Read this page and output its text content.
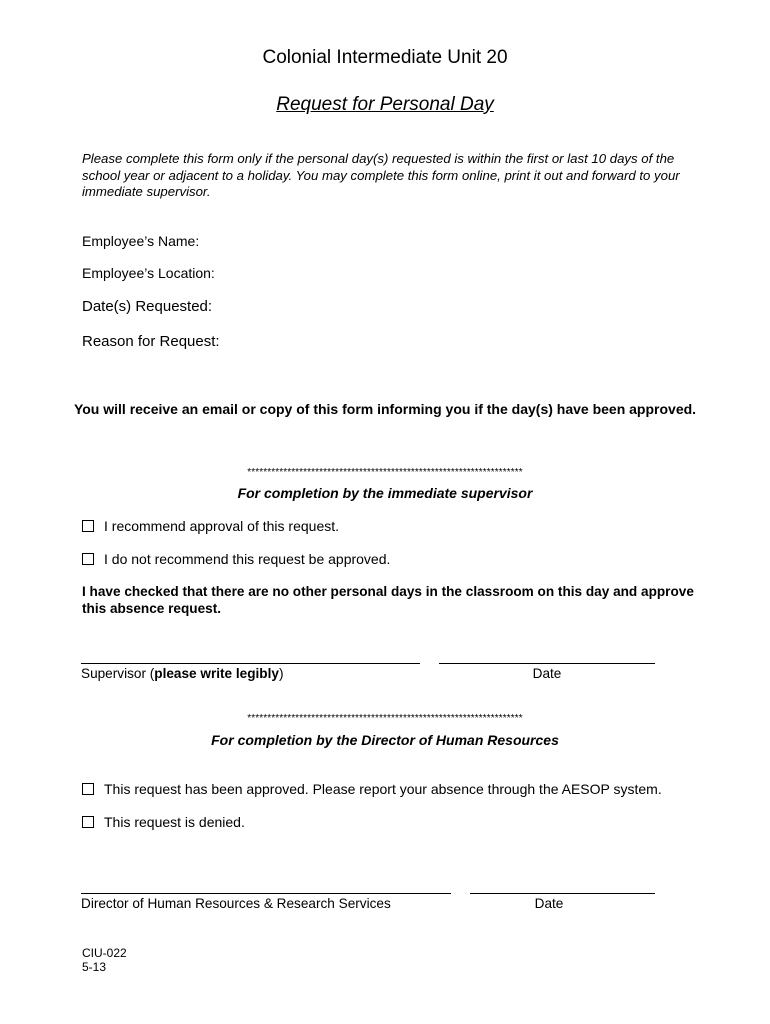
Colonial Intermediate Unit 20
Request for Personal Day
Please complete this form only if the personal day(s) requested is within the first or last 10 days of the school year or adjacent to a holiday. You may complete this form online, print it out and forward to your immediate supervisor.
Employee’s Name:
Employee’s Location:
Date(s) Requested:
Reason for Request:
You will receive an email or copy of this form informing you if the day(s) have been approved.
*********************************************************************
For completion by the immediate supervisor
I recommend approval of this request.
I do not recommend this request be approved.
I have checked that there are no other personal days in the classroom on this day and approve this absence request.
Supervisor (please write legibly)	Date
*********************************************************************
For completion by the Director of Human Resources
This request has been approved. Please report your absence through the AESOP system.
This request is denied.
Director of Human Resources & Research Services	Date
CIU-022
5-13
